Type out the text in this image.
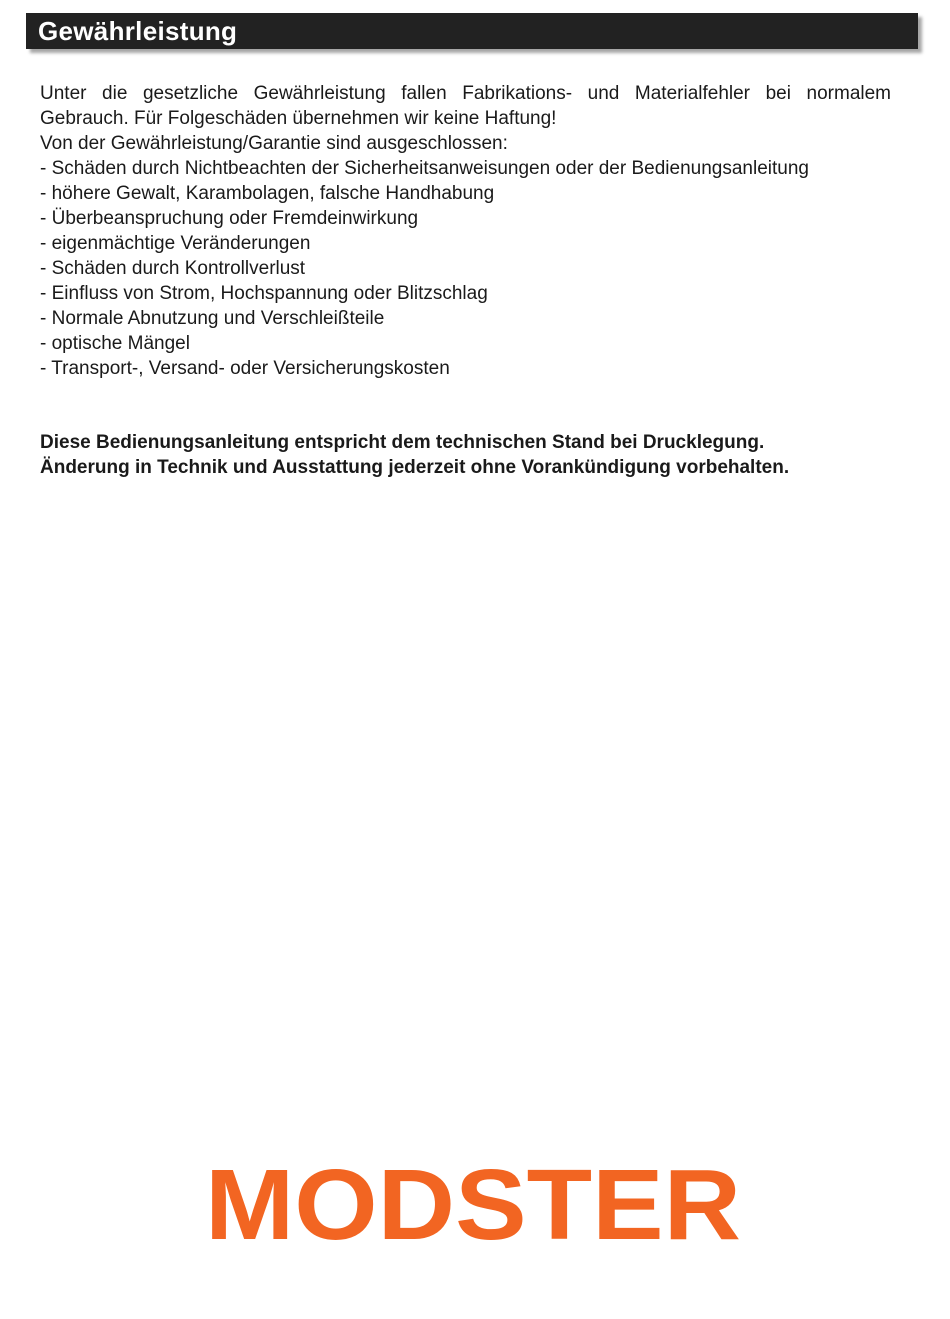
Gewährleistung

Unter die gesetzliche Gewährleistung fallen Fabrikations- und Materialfehler bei normalem Gebrauch. Für Folgeschäden übernehmen wir keine Haftung!

Von der Gewährleistung/Garantie sind ausgeschlossen:

- Schäden durch Nichtbeachten der Sicherheitsanweisungen oder der Bedienungsanleitung
- höhere Gewalt, Karambolagen, falsche Handhabung
- Überbeanspruchung oder Fremdeinwirkung
- eigenmächtige Veränderungen
- Schäden durch Kontrollverlust
- Einfluss von Strom, Hochspannung oder Blitzschlag
- Normale Abnutzung und Verschleißteile
- optische Mängel
- Transport-, Versand- oder Versicherungskosten

Diese Bedienungsanleitung entspricht dem technischen Stand bei Drucklegung.

Änderung in Technik und Ausstattung jederzeit ohne Vorankündigung vorbehalten.

MODSTER
